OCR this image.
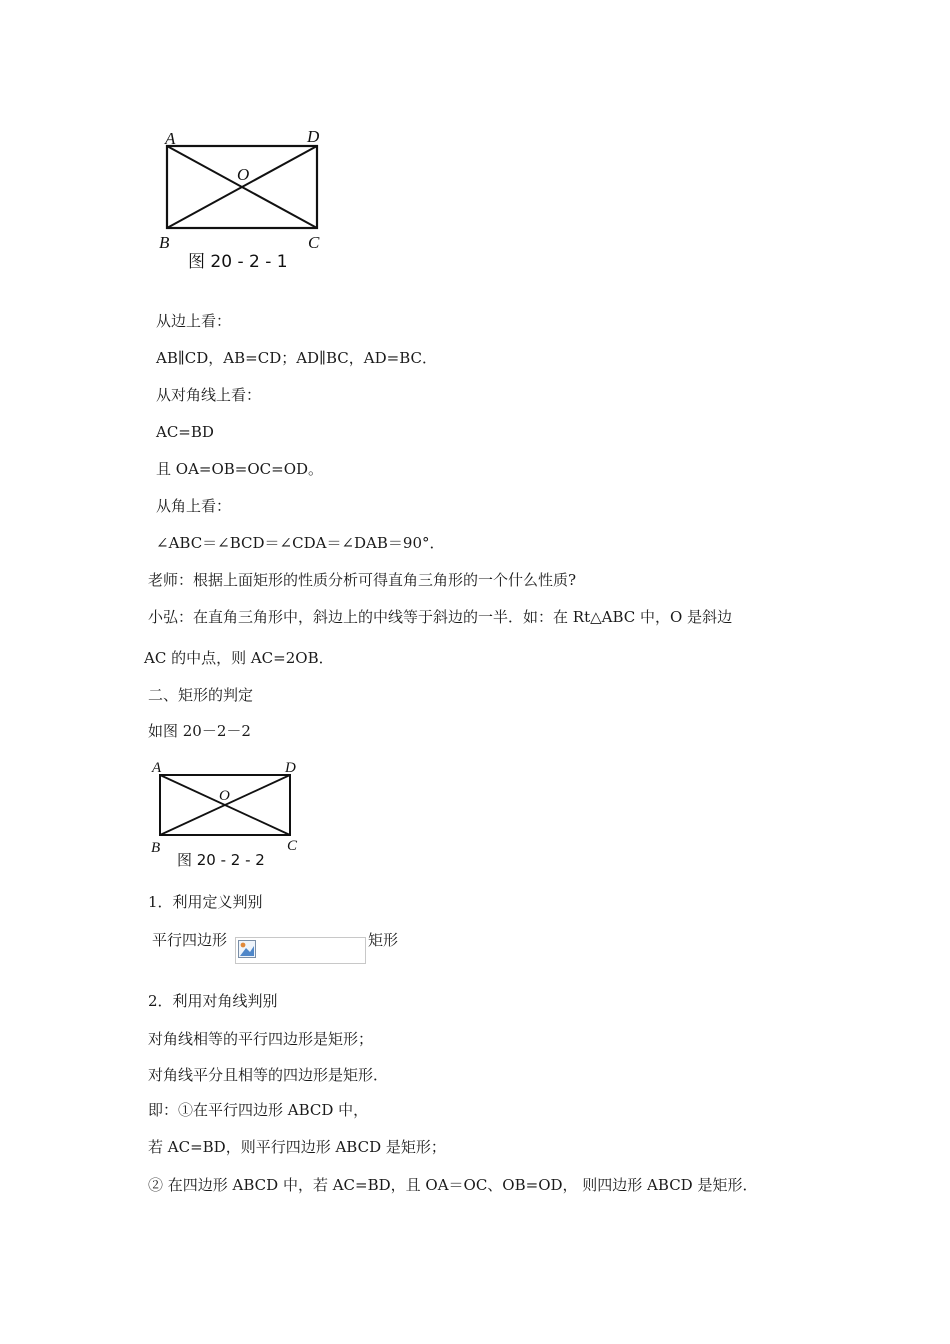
A	D
O
B	C
图 20 - 2 - 1
从边上看：
AB∥CD，AB=CD；AD∥BC，AD=BC．
从对角线上看：
AC=BD
且 OA=OB=OC=OD。
从角上看：
∠ABC＝∠BCD＝∠CDA＝∠DAB＝90°．
老师：根据上面矩形的性质分析可得直角三角形的一个什么性质?
小弘：在直角三角形中，斜边上的中线等于斜边的一半．如：在 Rt△ABC 中，O 是斜边
AC 的中点，则 AC=2OB．
二、矩形的判定
如图 20－2－2
A	D
O
B	C
图 20 - 2 - 2
1．利用定义判别
平行四边形	矩形
2．利用对角线判别
对角线相等的平行四边形是矩形；
对角线平分且相等的四边形是矩形．
即：①在平行四边形 ABCD 中，
若 AC=BD，则平行四边形 ABCD 是矩形；
② 在四边形 ABCD 中，若 AC=BD，且 OA＝OC、OB=OD， 则四边形 ABCD 是矩形．
